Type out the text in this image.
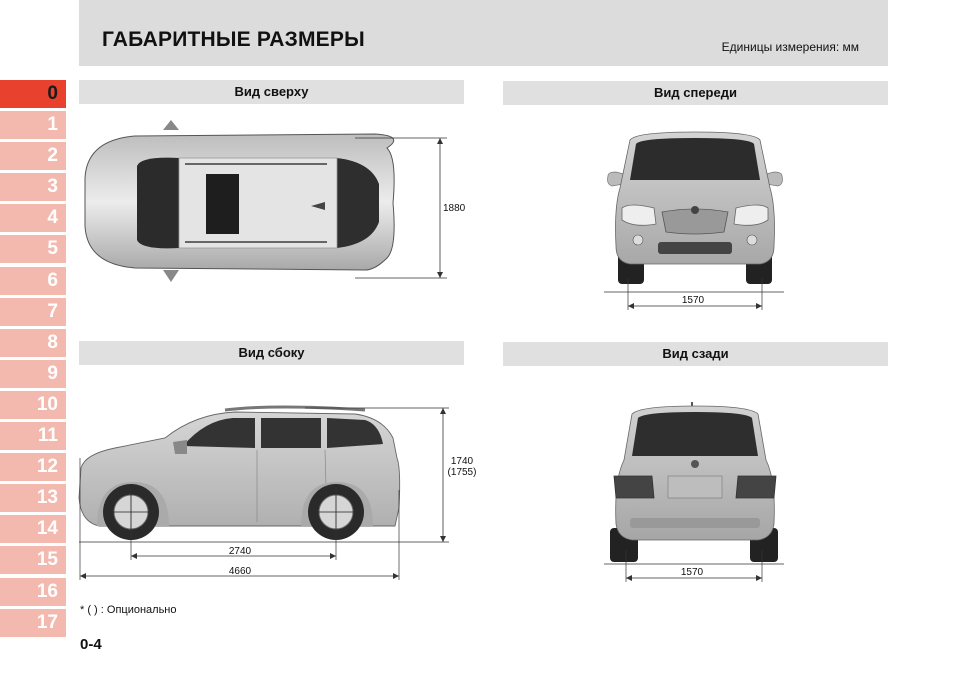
ГАБАРИТНЫЕ РАЗМЕРЫ	Единицы измерения: мм
0
1
2
3
4
5
6
7
8
9
10
11
12
13
14
15
16
17
Вид сверху	Вид спереди
Вид сбоку	Вид сзади
1880
1570
1740
(1755)
2740
4660	1570
* ( ) : Опционально
0-4
